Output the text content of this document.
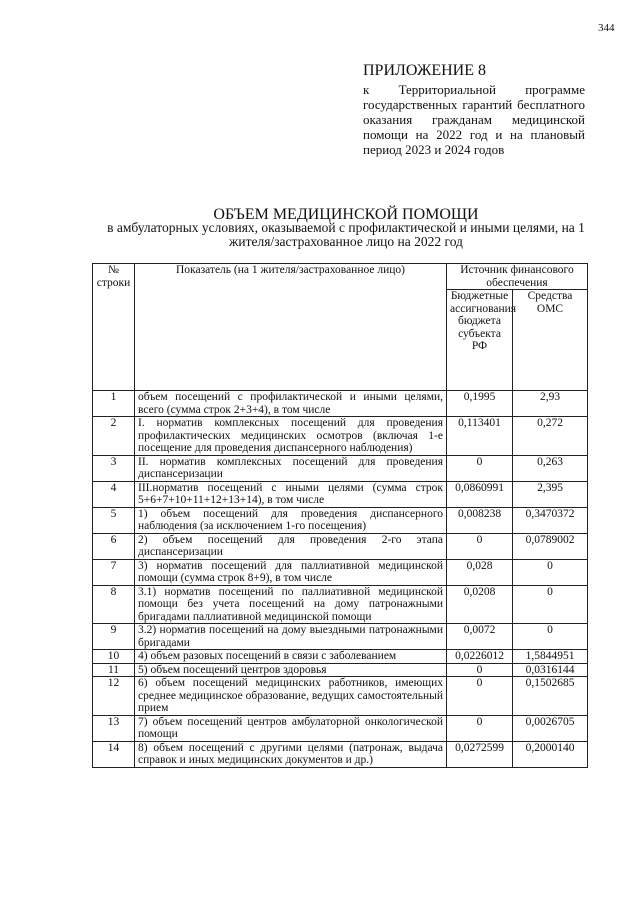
344
ПРИЛОЖЕНИЕ 8
к Территориальной программе государственных гарантий бесплатного оказания гражданам медицинской помощи на 2022 год и на плановый период 2023 и 2024 годов
ОБЪЕМ МЕДИЦИНСКОЙ ПОМОЩИ
в амбулаторных условиях, оказываемой с профилактической и иными целями, на 1 жителя/застрахованное лицо на 2022 год
№ строки	Показатель (на 1 жителя/застрахованное лицо)	Источник финансового обеспечения	
		Бюджетные ассигнования бюджета субъекта РФ	Средства ОМС
1	объем посещений с профилактической и иными целями, всего (сумма строк 2+3+4), в том числе	0,1995	2,93
2	I. норматив комплексных посещений для проведения профилактических медицинских осмотров (включая 1-е посещение для проведения диспансерного наблюдения)	0,113401	0,272
3	II. норматив комплексных посещений для проведения диспансеризации	0	0,263
4	III.норматив посещений с иными целями (сумма строк 5+6+7+10+11+12+13+14), в том числе	0,0860991	2,395
5	1) объем посещений для проведения диспансерного наблюдения (за исключением 1-го посещения)	0,008238	0,3470372
6	2) объем посещений для проведения 2-го этапа диспансеризации	0	0,0789002
7	3) норматив посещений для паллиативной медицинской помощи (сумма строк 8+9), в том числе	0,028	0
8	3.1) норматив посещений по паллиативной медицинской помощи без учета посещений на дому патронажными бригадами паллиативной медицинской помощи	0,0208	0
9	3.2) норматив посещений на дому выездными патронажными бригадами	0,0072	0
10	4) объем разовых посещений в связи с заболеванием	0,0226012	1,5844951
11	5) объем посещений центров здоровья	0	0,0316144
12	6) объем посещений медицинских работников, имеющих среднее медицинское образование, ведущих самостоятельный прием	0	0,1502685
13	7) объем посещений центров амбулаторной онкологической помощи	0	0,0026705
14	8) объем посещений с другими целями (патронаж, выдача справок и иных медицинских документов и др.)	0,0272599	0,2000140
